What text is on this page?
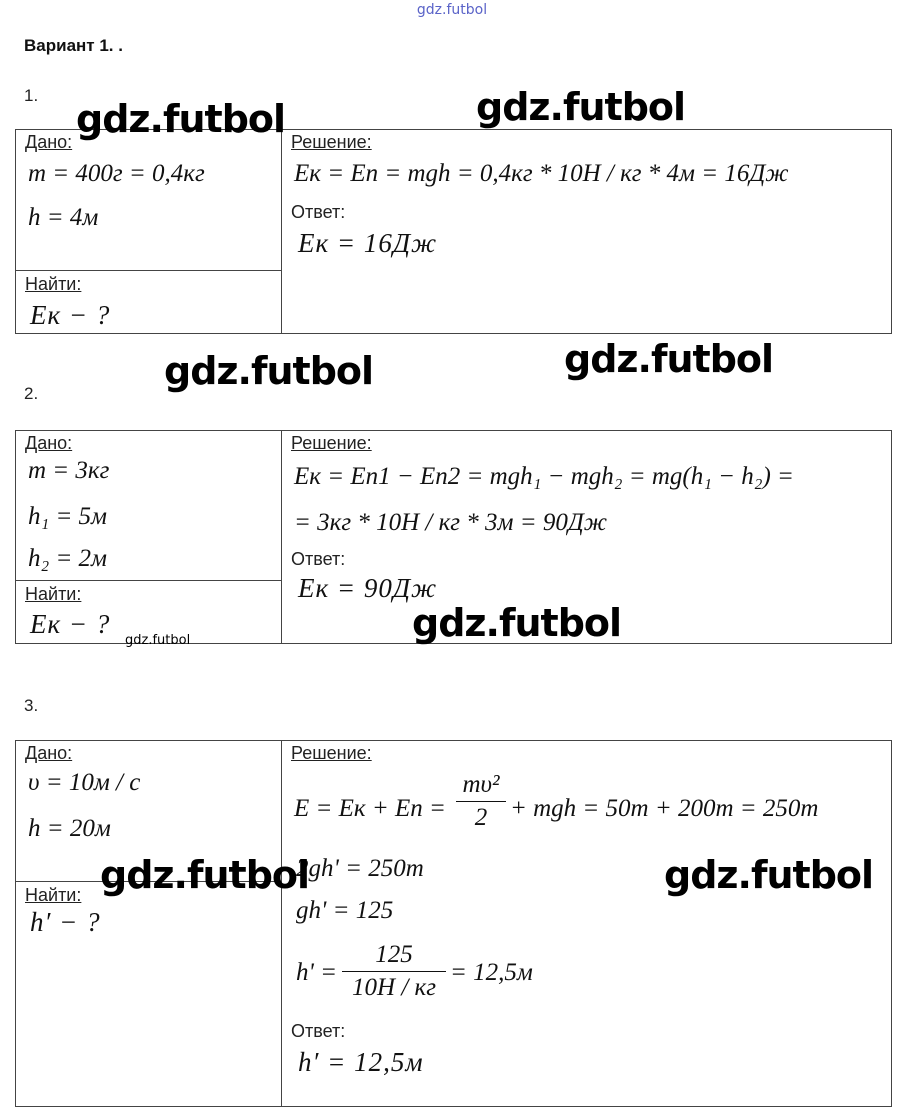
gdz.futbol
Вариант 1. .
1.
Дано:
m = 400г = 0,4кг
h = 4м
Найти:
Eк − ?
Решение:
Eк = Eп = mgh = 0,4кг * 10Н / кг * 4м = 16Дж
Ответ:
Eк = 16Дж
2.
Дано:
m = 3кг
h₁ = 5м
h₂ = 2м
Найти:
Eк − ?
Решение:
Eк = Eп1 − Eп2 = mgh₁ − mgh₂ = mg(h₁ − h₂) =
= 3кг * 10Н / кг * 3м = 90Дж
Ответ:
Eк = 90Дж
3.
Дано:
υ = 10м / с
h = 20м
Найти:
h′ − ?
Решение:
E = Eк + Eп =
mυ²
2 + mgh = 50m + 200m = 250m
2gh' = 250m
gh' = 125
h' =
125
10Н / кг
= 12,5м
Ответ:
h′ = 12,5м
gdz.futbol	gdz.futbol
gdz.futbol	gdz.futbol
gdz.futbol
gdz.futbol
gdz.futbol	gdz.futbol
